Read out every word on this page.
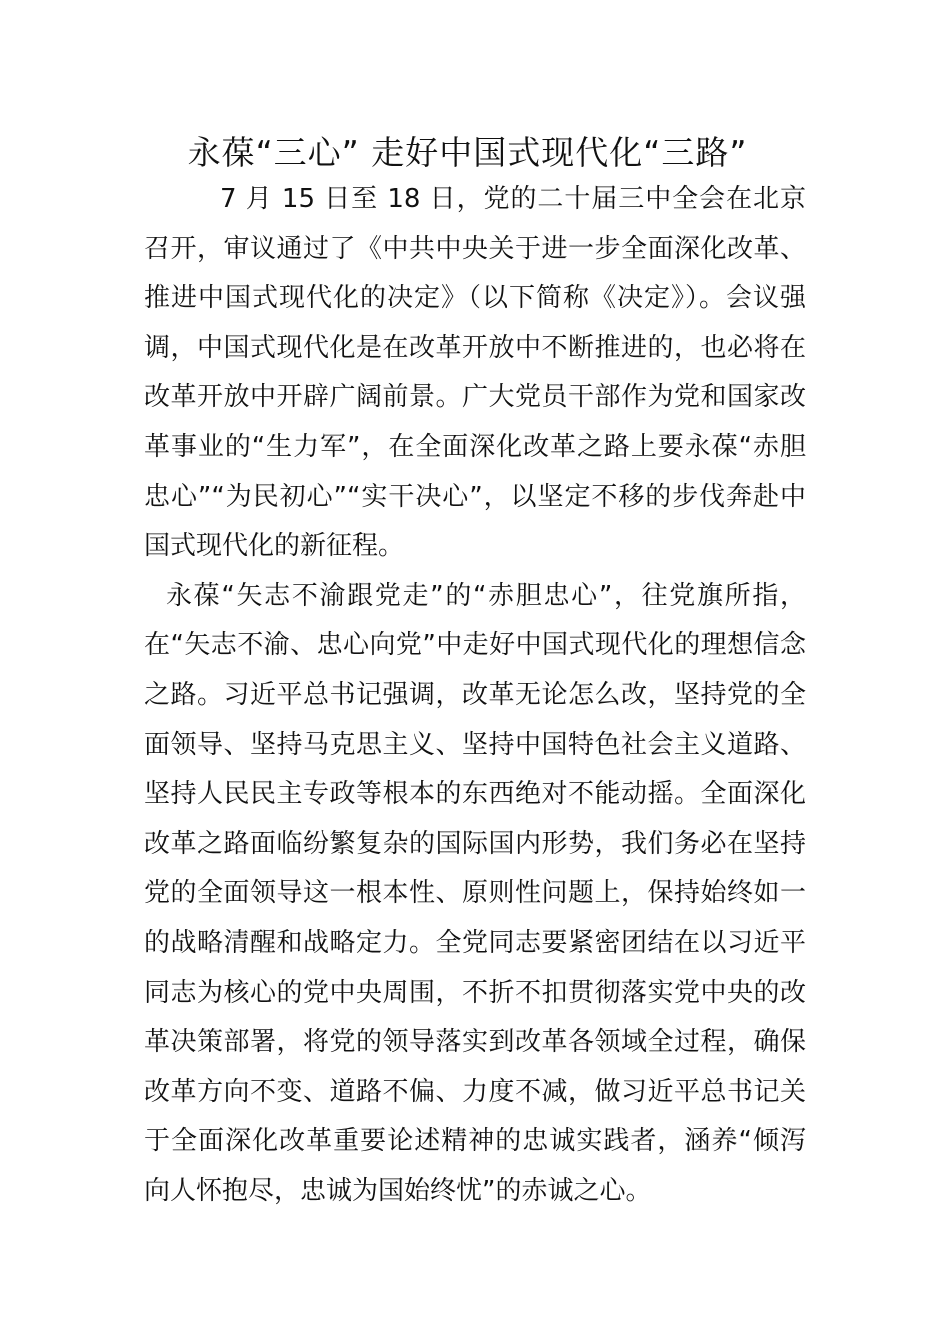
永葆“三心” 走好中国式现代化“三路”

7 月 15 日至 18 日，党的二十届三中全会在北京召开，审议通过了《中共中央关于进一步全面深化改革、推进中国式现代化的决定》（以下简称《决定》）。会议强调，中国式现代化是在改革开放中不断推进的，也必将在改革开放中开辟广阔前景。广大党员干部作为党和国家改革事业的“生力军”，在全面深化改革之路上要永葆“赤胆忠心”“为民初心”“实干决心”，以坚定不移的步伐奔赴中国式现代化的新征程。

永葆“矢志不渝跟党走”的“赤胆忠心”，往党旗所指，在“矢志不渝、忠心向党”中走好中国式现代化的理想信念之路。习近平总书记强调，改革无论怎么改，坚持党的全面领导、坚持马克思主义、坚持中国特色社会主义道路、坚持人民民主专政等根本的东西绝对不能动摇。全面深化改革之路面临纷繁复杂的国际国内形势，我们务必在坚持党的全面领导这一根本性、原则性问题上，保持始终如一的战略清醒和战略定力。全党同志要紧密团结在以习近平同志为核心的党中央周围，不折不扣贯彻落实党中央的改革决策部署，将党的领导落实到改革各领域全过程，确保改革方向不变、道路不偏、力度不减，做习近平总书记关于全面深化改革重要论述精神的忠诚实践者，涵养“倾泻向人怀抱尽，忠诚为国始终忧”的赤诚之心。
